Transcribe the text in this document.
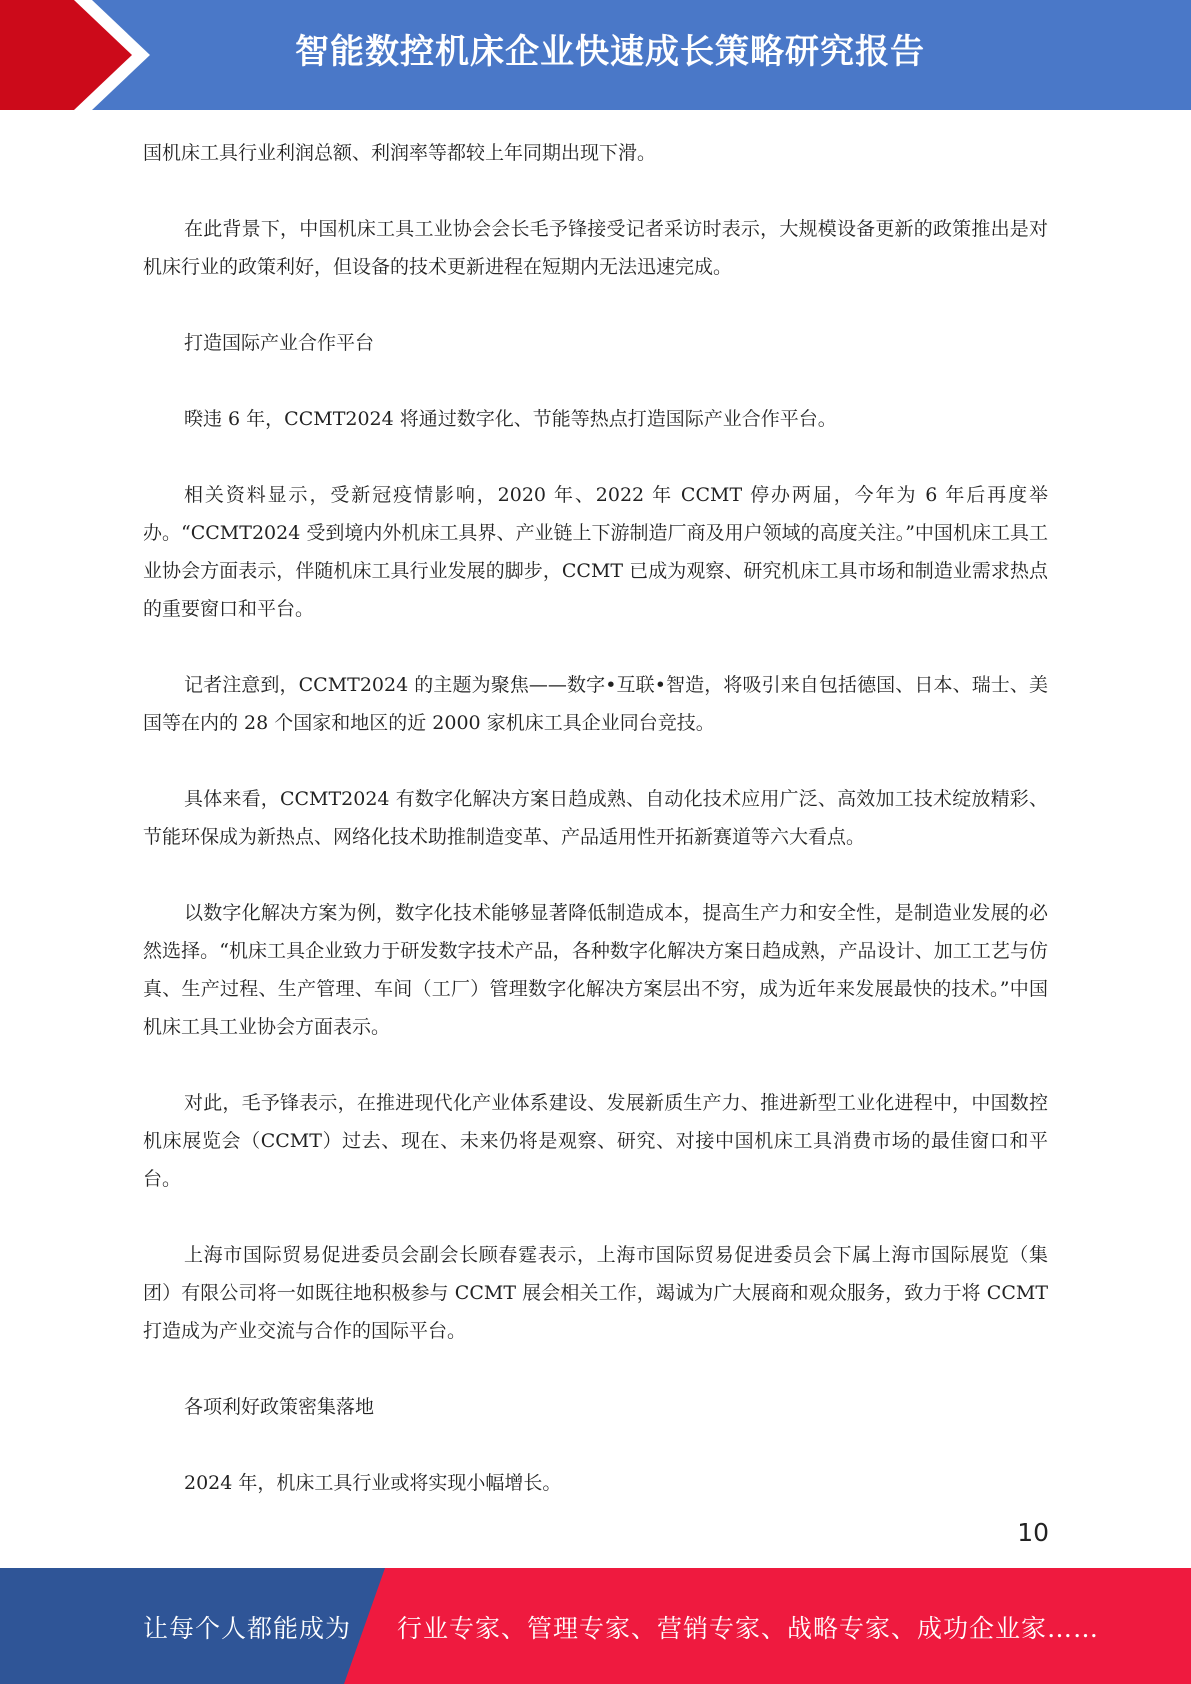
智能数控机床企业快速成长策略研究报告

国机床工具行业利润总额、利润率等都较上年同期出现下滑。

在此背景下，中国机床工具工业协会会长毛予锋接受记者采访时表示，大规模设备更新的政策推出是对机床行业的政策利好，但设备的技术更新进程在短期内无法迅速完成。

打造国际产业合作平台

暌违 6 年，CCMT2024 将通过数字化、节能等热点打造国际产业合作平台。

相关资料显示，受新冠疫情影响，2020 年、2022 年 CCMT 停办两届，今年为 6 年后再度举办。“CCMT2024 受到境内外机床工具界、产业链上下游制造厂商及用户领域的高度关注。”中国机床工具工业协会方面表示，伴随机床工具行业发展的脚步，CCMT 已成为观察、研究机床工具市场和制造业需求热点的重要窗口和平台。

记者注意到，CCMT2024 的主题为聚焦——数字•互联•智造，将吸引来自包括德国、日本、瑞士、美国等在内的 28 个国家和地区的近 2000 家机床工具企业同台竞技。

具体来看，CCMT2024 有数字化解决方案日趋成熟、自动化技术应用广泛、高效加工技术绽放精彩、节能环保成为新热点、网络化技术助推制造变革、产品适用性开拓新赛道等六大看点。

以数字化解决方案为例，数字化技术能够显著降低制造成本，提高生产力和安全性，是制造业发展的必然选择。“机床工具企业致力于研发数字技术产品，各种数字化解决方案日趋成熟，产品设计、加工工艺与仿真、生产过程、生产管理、车间（工厂）管理数字化解决方案层出不穷，成为近年来发展最快的技术。”中国机床工具工业协会方面表示。

对此，毛予锋表示，在推进现代化产业体系建设、发展新质生产力、推进新型工业化进程中，中国数控机床展览会（CCMT）过去、现在、未来仍将是观察、研究、对接中国机床工具消费市场的最佳窗口和平台。

上海市国际贸易促进委员会副会长顾春霆表示，上海市国际贸易促进委员会下属上海市国际展览（集团）有限公司将一如既往地积极参与 CCMT 展会相关工作，竭诚为广大展商和观众服务，致力于将 CCMT 打造成为产业交流与合作的国际平台。

各项利好政策密集落地

2024 年，机床工具行业或将实现小幅增长。

10
让每个人都能成为 行业专家、管理专家、营销专家、战略专家、成功企业家……
